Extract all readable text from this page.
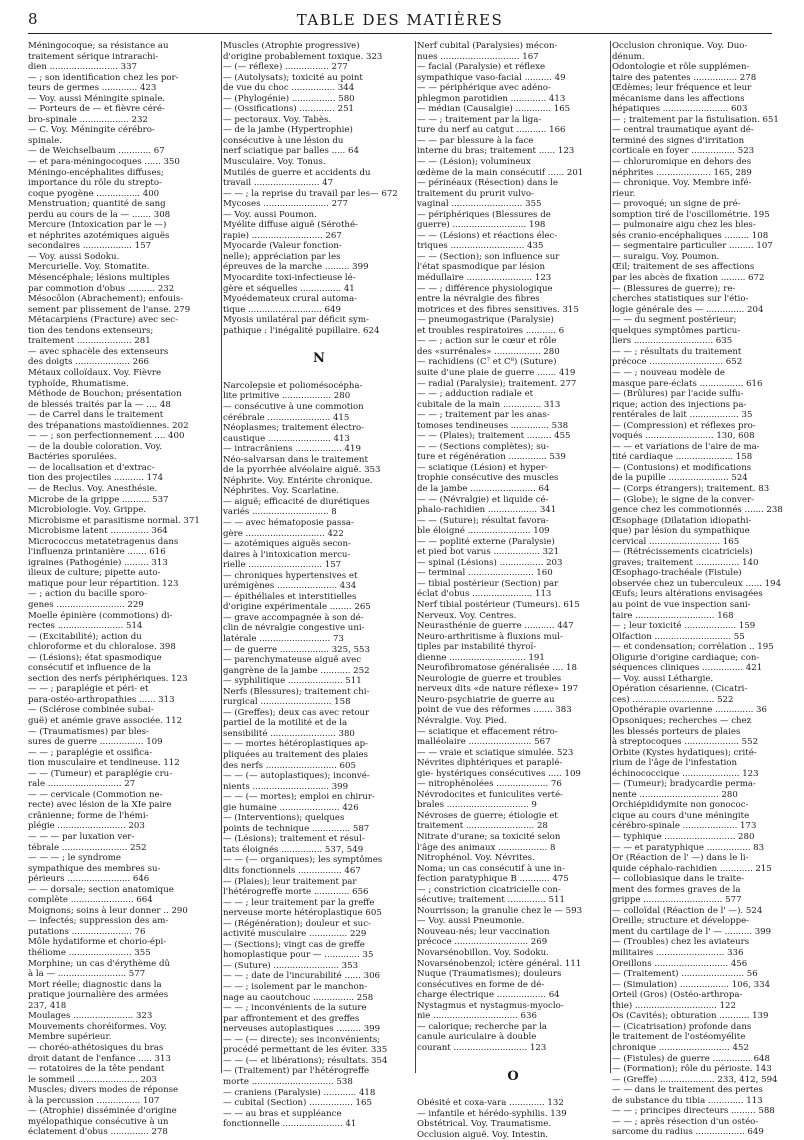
8	TABLE DES MATIÈRES
Méningocoque; sa résistance au
traitement sérique intrarachi-
dien ......................... 337
— ; son identification chez les por-
teurs de germes ............. 423
— Voy. aussi Méningite spinale.
— Porteurs de — et fièvre céré-
bro-spinale .................. 232
— C. Voy. Méningite cérébro-
spinale.
— de Weichselbaum ............ 67
— et para-méningocoques ...... 350
Méningo-encéphalites diffuses;
importance du rôle du strepto-
coque pyogène ................ 400
Menstruation; quantité de sang
perdu au cours de la — ....... 308
Mercure (Intoxication par le —)
et néphrites azotémiques aiguës
secondaires .................. 157
— Voy. aussi Sodoku.
Mercurielle. Voy. Stomatite.
Mésencéphale; lésions multiples
par commotion d'obus .......... 232
Mésocôlon (Abrachement); enfouis-
sement par plissement de l'anse. 279
Métacarpiens (Fracture) avec sec-
tion des tendons extenseurs;
traitement .................... 281
— avec sphacèle des extenseurs
des doigts .................... 266
Métaux colloïdaux. Voy. Fièvre
typhoïde, Rhumatisme.
Méthode de Bouchon; présentation
de blessés traités par la — .... 48
— de Carrel dans le traitement
des trépanations mastoïdiennes. 202
— — ; son perfectionnement .... 400
— de la double coloration. Voy.
Bactéries sporulées.
— de localisation et d'extrac-
tion des projectiles ........... 174
— de Reclus. Voy. Anesthésie.
Microbe de la grippe .......... 537
Microbiologie. Voy. Grippe.
Microbisme et parasitisme normal. 371
Microbisme latent .............. 364
Micrococcus metatetragenus dans
l'influenza printanière ....... 616
igraines (Pathogénie) ......... 313
ilieux de culture; pipette auto-
matique pour leur répartition. 123
— ; action du bacille sporo-
genes ......................... 229
Moelle épinière (commotions) di-
rectes ........................ 514
— (Excitabilité); action du
chloroforme et du chloralose. 398
— (Lésions); état spasmodique
consécutif et influence de la
section des nerfs périphériques. 123
— — ; paraplégie et péri- et
para-ostéo-arthropathies ...... 313
— (Sclérose combinée subai-
guë) et anémie grave associée. 112
— (Traumatismes) par bles-
sures de guerre ................ 109
— — ; paraplégie et ossifica-
tion musculaire et tendineuse. 112
— — (Tumeur) et paraplégie cru-
rale ........................... 27
— — cervicale (Commotion ne-
recte) avec lésion de la XIe paire
crânienne; forme de l'hémi-
plégie ......................... 203
— — — par luxation ver-
tébrale ........................ 252
— — — ; le syndrome
sympathique des membres su-
périeurs ....................... 646
— — dorsale; section anatomique
complète ....................... 664
Moignons; soins à leur donner .. 290
— infectés; suppression des am-
putations ...................... 76
Môle hydatiforme et chorio-épi-
théliome ....................... 355
Morphine; un cas d'érythème dû
à la — ......................... 577
Mort réelle; diagnostic dans la
pratique journalière des armées
237, 418
Moulages ...................... 323
Mouvements choréiformes. Voy.
Membre supérieur.
— choréo-athétosiques du bras
droit datant de l'enfance ..... 313
— rotatoires de la tête pendant
le sommeil ...................... 203
Muscles; divers modes de réponse
à la percussion ................ 107
— (Atrophie) disséminée d'origine
myélopathique consécutive à un
éclatement d'obus .............. 278
Muscles (Atrophie progressive)
d'origine probablement toxique. 323
— (— réflexe) ................ 277
— (Autolysats); toxicité au point
de vue du choc ................ 344
— (Phylogénie) ................ 580
— (Ossifications) ............. 251
— pectoraux. Voy. Tabès.
— de la jambe (Hypertrophie)
consécutive à une lésion du
nerf sciatique par balles ..... 64
Musculaire. Voy. Tonus.
Mutilés de guerre et accidents du
travail ........................ 47
— — ; la reprise du travail par les— 672
Mycoses ........................ 277
— Voy. aussi Poumon.
Myélite diffuse aiguë (Sérothé-
rapie) .......................... 267
Myocarde (Valeur fonction-
nelle); appréciation par les
épreuves de la marche ......... 399
Myocardite toxi-infectieuse lé-
gère et séquelles ............... 41
Myoédemateux crural automa-
tique ........................... 649
Myosis unilatéral par déficit sym-
pathique : l'inégalité pupillaire. 624
N
Narcolepsie et poliomésocépha-
lite primitive .................. 280
— consécutive à une commotion
cérébrale ....................... 415
Néoplasmes; traitement électro-
caustique ....................... 413
— intracrâniens ................. 419
Néo-salvarsan dans le traitement
de la pyorrhée alvéolaire aiguë. 353
Néphrite. Voy. Entérite chronique.
Néphrites. Voy. Scarlatine.
— aiguë; efficacité de diurétiques
variés ............................ 8
— — avec hématoposie passa-
gère ............................. 422
— azotémiques aiguës secon-
daires à l'intoxication mercu-
rielle ........................... 157
— chroniques hypertensives et
urémigènes ...................... 434
— épithéliales et interstitielles
d'origine expérimentale ........ 265
— grave accompagnée à son dé-
clin de névralgie congestive uni-
latérale .......................... 73
— de guerre .................. 325, 553
— parenchymateuse aiguë avec
gangrène de la jambe ........... 252
— syphilitique .................... 511
Nerfs (Blessures); traitement chi-
rurgical .......................... 158
— (Greffes); deux cas avec retour
partiel de la motilité et de la
sensibilité ........................ 380
— — mortes hétéroplastiques ap-
pliquées au traitement des plaies
des nerfs .......................... 605
— — (— autoplastiques); inconvé-
nients ............................ 399
— — (— mortes); emploi en chirur-
gie humaine ...................... 426
— (Interventions); quelques
points de technique .............. 587
— (Lésions); traitement et résul-
tats éloignés ............... 537, 549
— — (— organiques); les symptômes
dits fonctionnels ................ 467
— (Plaies); leur traitement par
l'hétérogreffe morte ............. 656
— — ; leur traitement par la greffe
nerveuse morte hétéroplastique 605
— (Régénération); douleur et suc-
activité musculaire .............. 229
— (Sections); vingt cas de greffe
homoplastique pour — ............. 35
— (Suture) ........................ 353
— — ; date de l'incurabilité ...... 306
— — ; isolement par le manchon-
nage au caoutchouc ............... 258
— — ; inconvénients de la suture
par affrontement et des greffes
nerveuses autoplastiques ......... 399
— — (— directe); ses inconvénients;
procédé permettant de les éviter. 335
— — (— et libérations); résultats. 354
— (Traitement) par l'hétérogreffe
morte .............................. 538
— craniens (Paralysie) ............ 418
— cubital (Section) ................ 165
— — au bras et suppléance
fonctionnelle ...................... 41
Nerf cubital (Paralysies) mécon-
nues ............................. 167
— facial (Paralysie) et réflexe
sympathique vaso-facial .......... 49
— — périphérique avec adéno-
phlegmon parotidien ............. 413
— médian (Causalgie) ............. 165
— — ; traitement par la liga-
ture du nerf au catgut ........... 166
— — par blessure à la face
interne du bras; traitement ...... 123
— — (Lésion); volumineux
œdème de la main consécutif ...... 201
— périnéaux (Résection) dans le
traitement du prurit vulvo-
vaginal .......................... 355
— périphériques (Blessures de
guerre) ........................... 198
— — (Lésions) et réactions élec-
triques ........................... 435
— — (Section); son influence sur
l'état spasmodique par lésion
médullaire ........................ 123
— — ; différence physiologique
entre la névralgie des fibres
motrices et des fibres sensitives. 315
— pneumogastrique (Paralysie)
et troubles respiratoires ........... 6
— — ; action sur le cœur et rôle
des «surrénales» ................. 280
— rachidiens (C⁷ et C⁸) (Suture)
suite d'une plaie de guerre ....... 419
— radial (Paralysie); traitement. 277
— — ; adduction radiale et
cubitale de la main .............. 313
— — ; traitement par les anas-
tomoses tendineuses .............. 538
— — (Plaies); traitement ......... 455
— — (Sections complètes); su-
ture et régénération .............. 539
— sciatique (Lésion) et hyper-
trophie consécutive des muscles
de la jambe ........................ 64
— — (Névralgie) et liquide cé-
phalo-rachidien .................. 341
— — (Suture); résultat favora-
ble éloigné ....................... 109
— — poplité externe (Paralysie)
et pied bot varus ................. 321
— spinal (Lésions) ................ 203
— terminal ........................ 160
— tibial postérieur (Section) par
éclat d'obus ...................... 113
Nerf tibial postérieur (Tumeurs). 615
Nerveux. Voy. Centres.
Neurasthénie de guerre ........... 447
Neuro-arthritisme à fluxions mul-
tiples par instabilité thyroï-
dienne ............................ 191
Neurofibromatose généralisée .... 18
Neurologie de guerre et troubles
nerveux dits «de nature réflexe» 197
Neuro-psychiatrie de guerre au
point de vue des réformes ....... 383
Névralgie. Voy. Pied.
— sciatique et effacement rétro-
malléolaire ....................... 567
— — vraie et sciatique simulée. 523
Névrites diphtériques et paraplé-
gie- hystériques consécutives ..... 109
— nitrophénolées ................... 76
Névrodocites et funiculites verté-
brales .............................. 9
Névroses de guerre; étiologie et
traitement ......................... 28
Nitrate d'urane; sa toxicité selon
l'âge des animaux .................. 8
Nitrophénol. Voy. Névrites.
Noma; un cas consécutif à une in-
fection paratyphique B ........... 475
— ; constriction cicatricielle con-
sécutive; traitement .............. 511
Nourrisson; la granulie chez le — 593
— Voy. aussi Pneumonie.
Nouveau-nés; leur vaccination
précoce ........................... 269
Novarsénobillon. Voy. Sodoku.
Novarsénobenzol; ictère général. 111
Nuque (Traumatismes); douleurs
consécutives en forme de dé-
charge électrique .................. 64
Nystagmus et nystagmus-myoclo-
nie ............................... 636
— calorique; recherche par la
canule auriculaire à double
courant ........................... 123
O
Obésité et coxa-vara ............. 132
— infantile et hérédo-syphilis. 139
Obstétrical. Voy. Traumatisme.
Occlusion aiguë. Voy. Intestin.
Occlusion chronique. Voy. Duo-
dénum.
Odontologie et rôle supplémen-
taire des patentes ................ 278
Œdèmes; leur fréquence et leur
mécanisme dans les affections
hépatiques ........................ 603
— ; traitement par la fistulisation. 651
— central traumatique ayant dé-
terminé des signes d'irritation
corticale en foyer ................ 523
— chloruromique en dehors des
néphrites .................... 165, 289
— chronique. Voy. Membre infé-
rieur.
— provoqué; un signe de pré-
somption tiré de l'oscillométrie. 195
— pulmonaire aigu chez les bles-
sés cranio-encéphaliques ......... 108
— segmentaire particulier ......... 107
— suraigu. Voy. Poumon.
Œil; traitement de ses affections
par les abcès de fixation ......... 672
— (Blessures de guerre); re-
cherches statistiques sur l'étio-
logie générale des — .............. 204
— — du segment postérieur;
quelques symptômes particu-
liers ............................. 635
— — ; résultats du traitement
précoce ........................... 652
— — ; nouveau modèle de
masque pare-éclats ................ 616
— (Brûlures) par l'acide sulfu-
rique; action des injections pa-
rentérales de lait .................. 35
— (Compression) et réflexes pro-
voqués ......................... 130, 608
— — et variations de l'aire de ma-
tité cardiaque ..................... 158
— (Contusions) et modifications
de la pupille ...................... 524
— (Corps étrangers); traitement. 83
— (Globe); le signe de la conver-
gence chez les commotionnés ....... 238
Œsophage (Dilatation idiopathi-
que) par lésion du sympathique
cervical .......................... 165
— (Rétrécissements cicatriciels)
graves; traitement ................ 140
Œsophago-trachéale (Fistule)
observée chez un tuberculeux ...... 194
Œufs; leurs altérations envisagées
au point de vue inspection sani-
taire ............................. 168
— ; leur toxicité ................... 159
Olfaction ............................ 55
— et condensation; corrélation .. 195
Oligurie d'origine cardiaque; con-
séquences cliniques ............... 421
— Voy. aussi Léthargie.
Opération césarienne. (Cicatri-
ces) .............................. 522
Opothérapie ovarienne .............. 36
Opsoniques; recherches — chez
les blessés porteurs de plaies
à streptocoques .................... 552
Orbite (Kystes hydatiques); crité-
rium de l'âge de l'infestation
échinococcique ..................... 123
— (Tumeur); bradycardie perma-
nente ............................. 280
Orchiépididymite non gonococ-
cique au cours d'une méningite
cérébro-spinale .................... 173
— typhique .......................... 280
— — et paratyphique ................ 83
Or (Réaction de l' —) dans le li-
quide céphalo-rachidien ............ 215
— collobiasique dans le traite-
ment des formes graves de la
grippe ............................. 577
— colloïdal (Réaction de l' —). 524
Oreille; structure et développe-
ment du cartilage de l' — .......... 399
— (Troubles) chez les aviateurs
militaires ......................... 336
Oreillons ........................... 456
— (Traitement) ....................... 56
— (Simulation) .................. 106, 334
Orteil (Gros) (Ostéo-arthropa-
thie) .............................. 122
Os (Cavités); obturation ........... 139
— (Cicatrisation) profonde dans
le traitement de l'ostéomyélite
chronique .......................... 452
— (Fistules) de guerre .............. 648
— (Formation); rôle du périoste. 143
— (Greffe) .................... 233, 412, 594
— — dans le traitement des pertes
de substance du tibia ............. 113
— — ; principes directeurs ......... 588
— — ; après résection d'un ostéo-
sarcome du radius .................. 649
